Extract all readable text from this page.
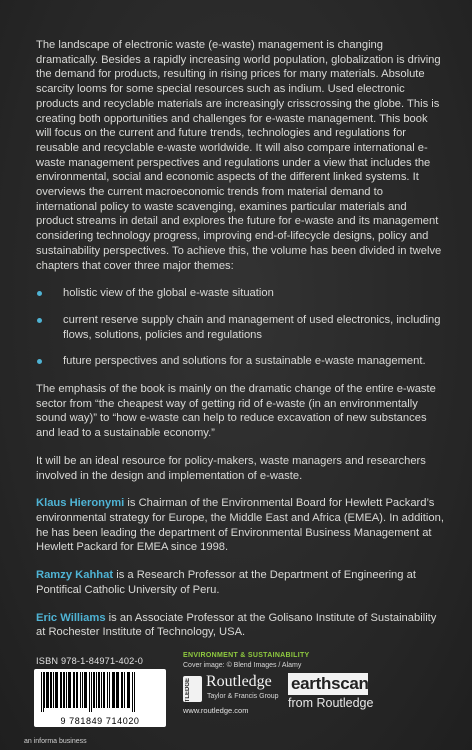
The landscape of electronic waste (e-waste) management is changing dramatically. Besides a rapidly increasing world population, globalization is driving the demand for products, resulting in rising prices for many materials. Absolute scarcity looms for some special resources such as indium. Used electronic products and recyclable materials are increasingly crisscrossing the globe. This is creating both opportunities and challenges for e-waste management. This book will focus on the current and future trends, technologies and regulations for reusable and recyclable e-waste worldwide. It will also compare international e-waste management perspectives and regulations under a view that includes the environmental, social and economic aspects of the different linked systems. It overviews the current macroeconomic trends from material demand to international policy to waste scavenging, examines particular materials and product streams in detail and explores the future for e-waste and its management considering technology progress, improving end-of-lifecycle designs, policy and sustainability perspectives. To achieve this, the volume has been divided in twelve chapters that cover three major themes:

holistic view of the global e-waste situation
current reserve supply chain and management of used electronics, including flows, solutions, policies and regulations
future perspectives and solutions for a sustainable e-waste management.

The emphasis of the book is mainly on the dramatic change of the entire e-waste sector from “the cheapest way of getting rid of e-waste (in an environmentally sound way)” to “how e-waste can help to reduce excavation of new substances and lead to a sustainable economy.”

It will be an ideal resource for policy-makers, waste managers and researchers involved in the design and implementation of e-waste.

Klaus Hieronymi is Chairman of the Environmental Board for Hewlett Packard’s environmental strategy for Europe, the Middle East and Africa (EMEA). In addition, he has been leading the department of Environmental Business Management at Hewlett Packard for EMEA since 1998.

Ramzy Kahhat is a Research Professor at the Department of Engineering at Pontifical Catholic University of Peru.

Eric Williams is an Associate Professor at the Golisano Institute of Sustainability at Rochester Institute of Technology, USA.

ISBN 978-1-84971-402-0
9 781849 714020
an informa business
ENVIRONMENT & SUSTAINABILITY
Cover image: © Blend Images / Alamy
ROUTLEDGE Routledge
Taylor & Francis Group
www.routledge.com
earthscan
from Routledge
